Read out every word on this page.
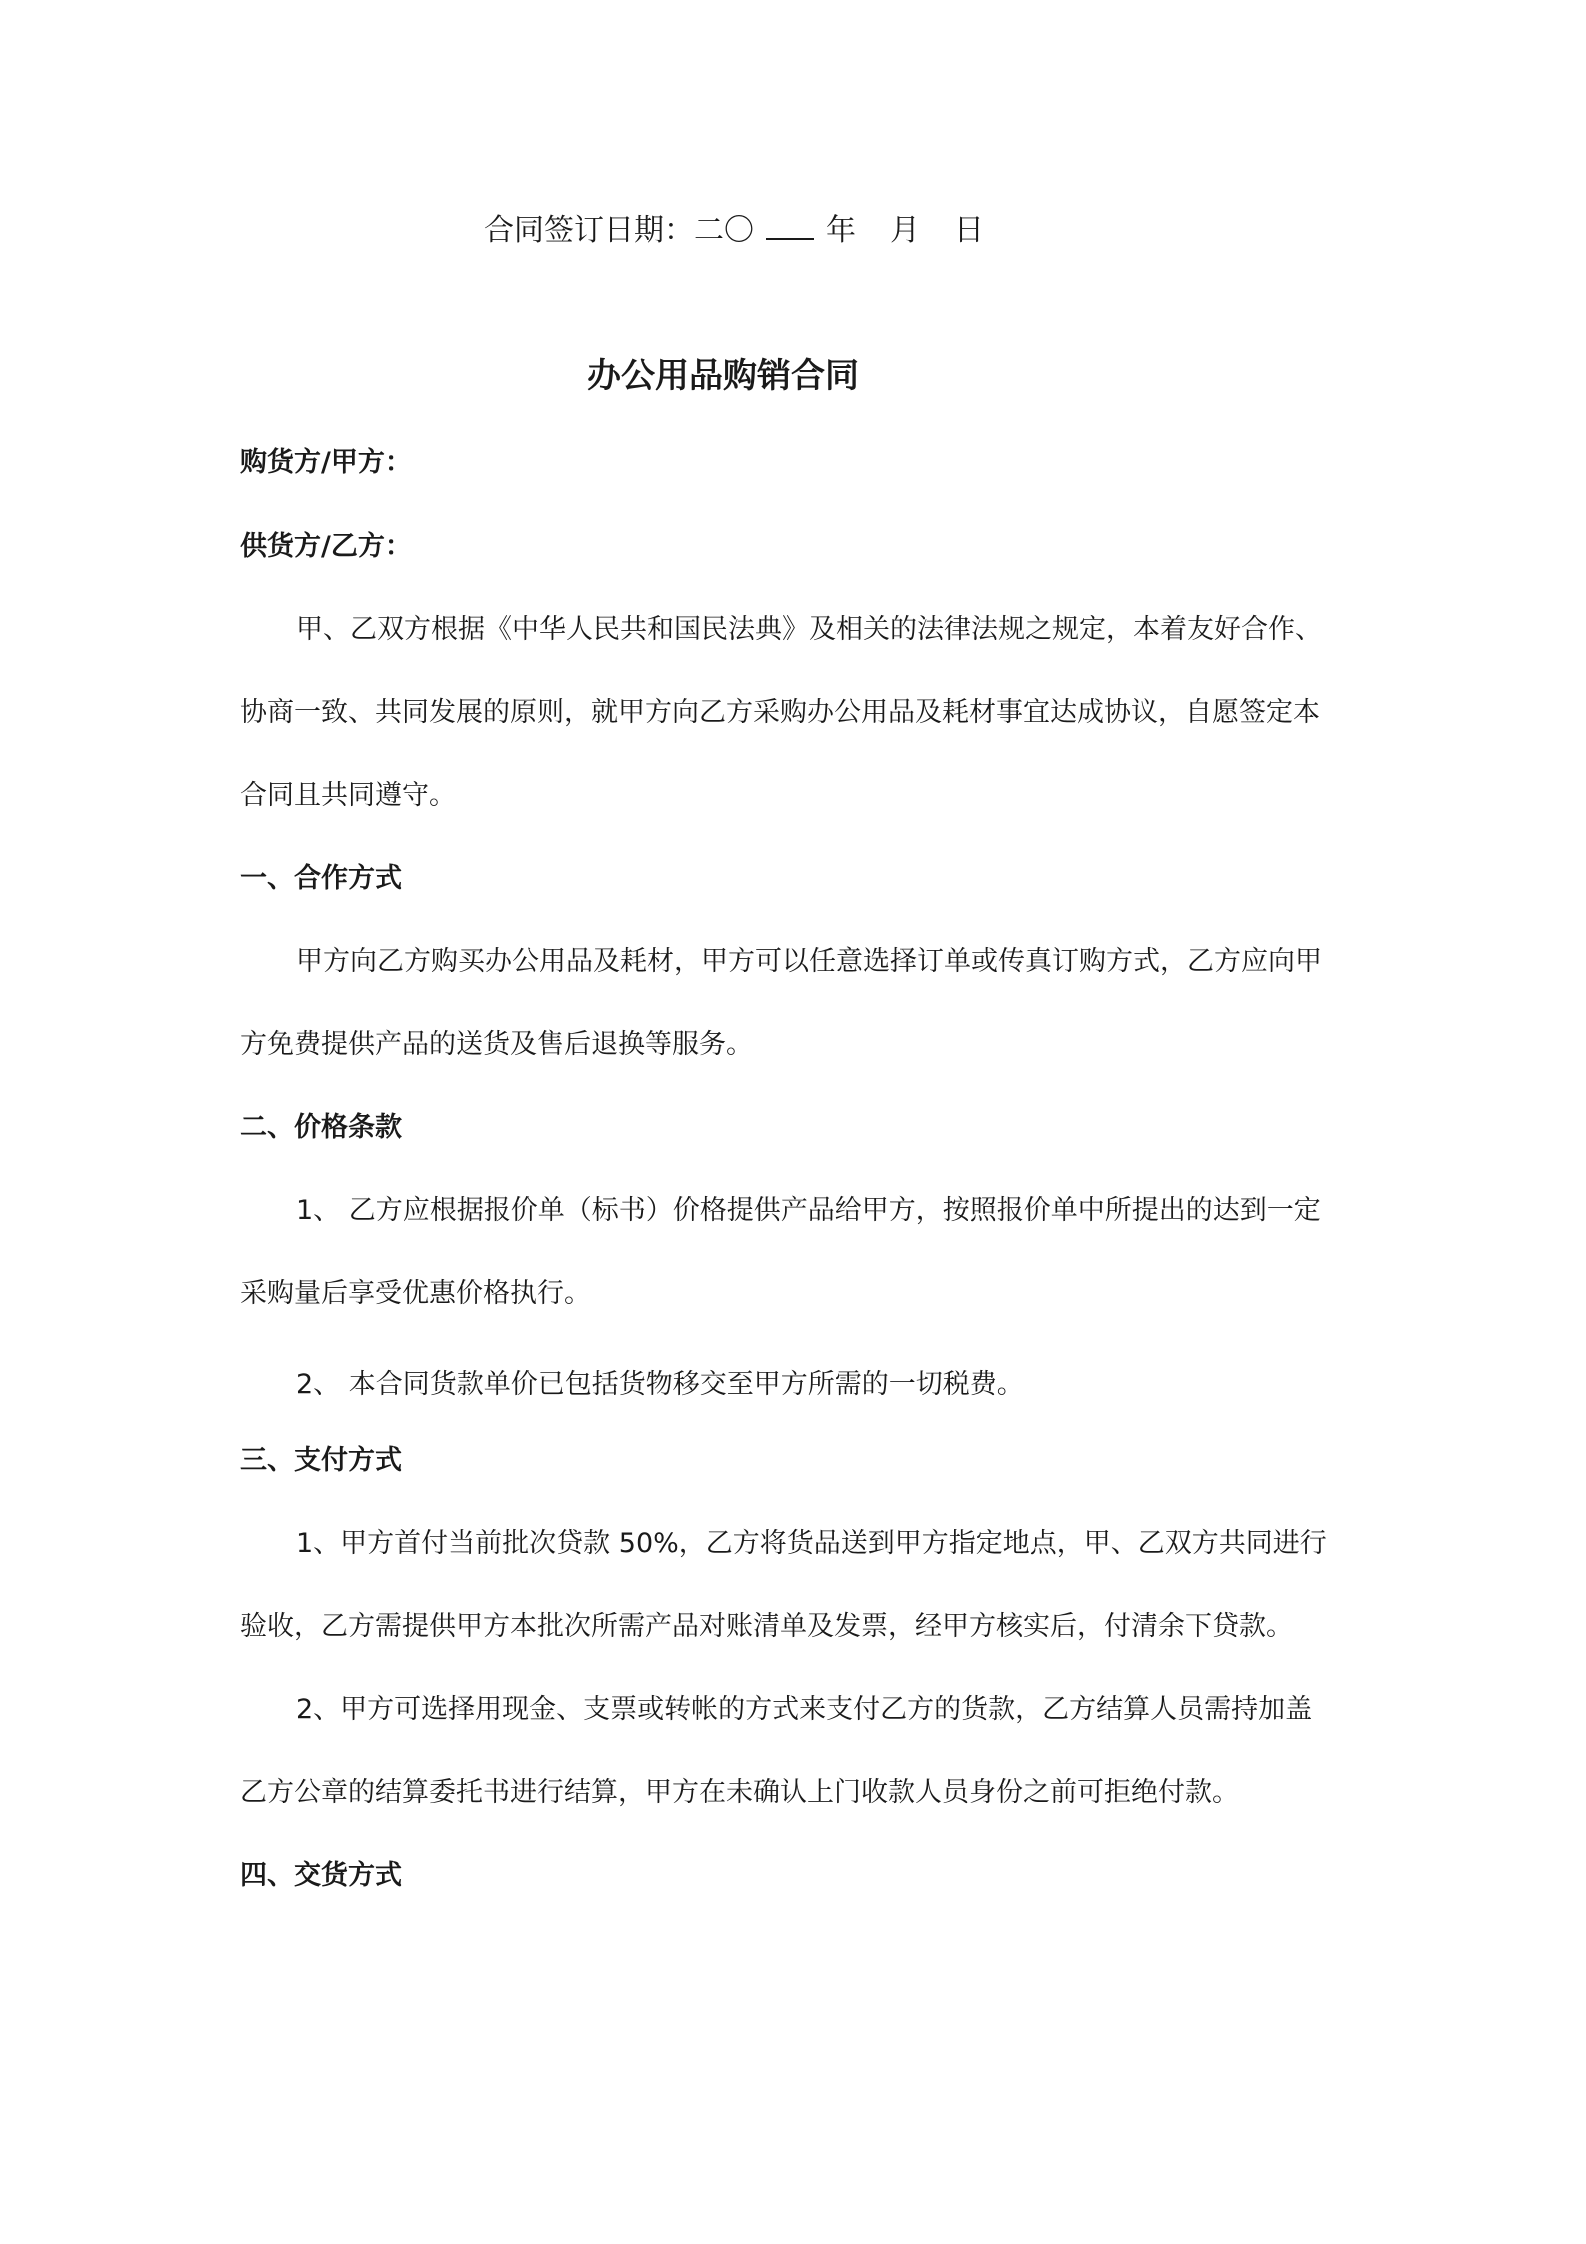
合同签订日期：二〇 年 月 日
办公用品购销合同
购货方/甲方：
供货方/乙方：
甲、乙双方根据《中华人民共和国民法典》及相关的法律法规之规定，本着友好合作、
协商一致、共同发展的原则，就甲方向乙方采购办公用品及耗材事宜达成协议，自愿签定本
合同且共同遵守。
一、合作方式
甲方向乙方购买办公用品及耗材，甲方可以任意选择订单或传真订购方式，乙方应向甲
方免费提供产品的送货及售后退换等服务。
二、价格条款
1、 乙方应根据报价单（标书）价格提供产品给甲方，按照报价单中所提出的达到一定
采购量后享受优惠价格执行。
2、 本合同货款单价已包括货物移交至甲方所需的一切税费。
三、支付方式
1、甲方首付当前批次贷款 50%，乙方将货品送到甲方指定地点，甲、乙双方共同进行
验收，乙方需提供甲方本批次所需产品对账清单及发票，经甲方核实后，付清余下贷款。
2、甲方可选择用现金、支票或转帐的方式来支付乙方的货款，乙方结算人员需持加盖
乙方公章的结算委托书进行结算，甲方在未确认上门收款人员身份之前可拒绝付款。
四、交货方式
